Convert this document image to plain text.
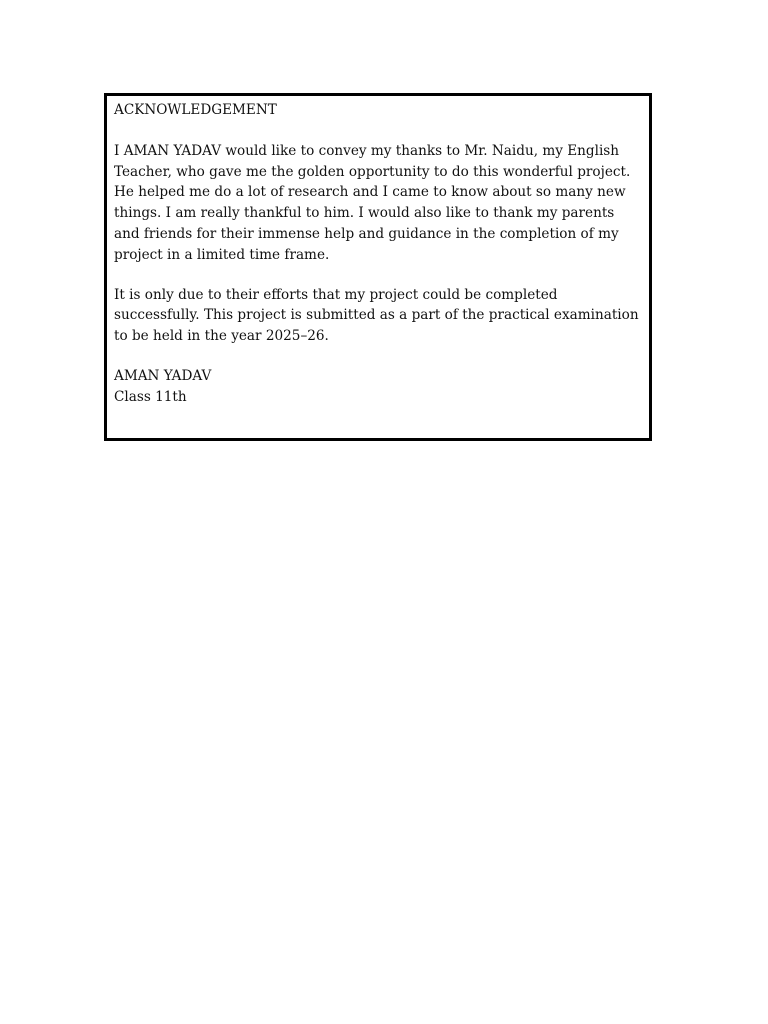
ACKNOWLEDGEMENT

I AMAN YADAV would like to convey my thanks to Mr. Naidu, my English Teacher, who gave me the golden opportunity to do this wonderful project. He helped me do a lot of research and I came to know about so many new things. I am really thankful to him. I would also like to thank my parents and friends for their immense help and guidance in the completion of my project in a limited time frame.

It is only due to their efforts that my project could be completed successfully. This project is submitted as a part of the practical examination to be held in the year 2025–26.

AMAN YADAV
Class 11th
